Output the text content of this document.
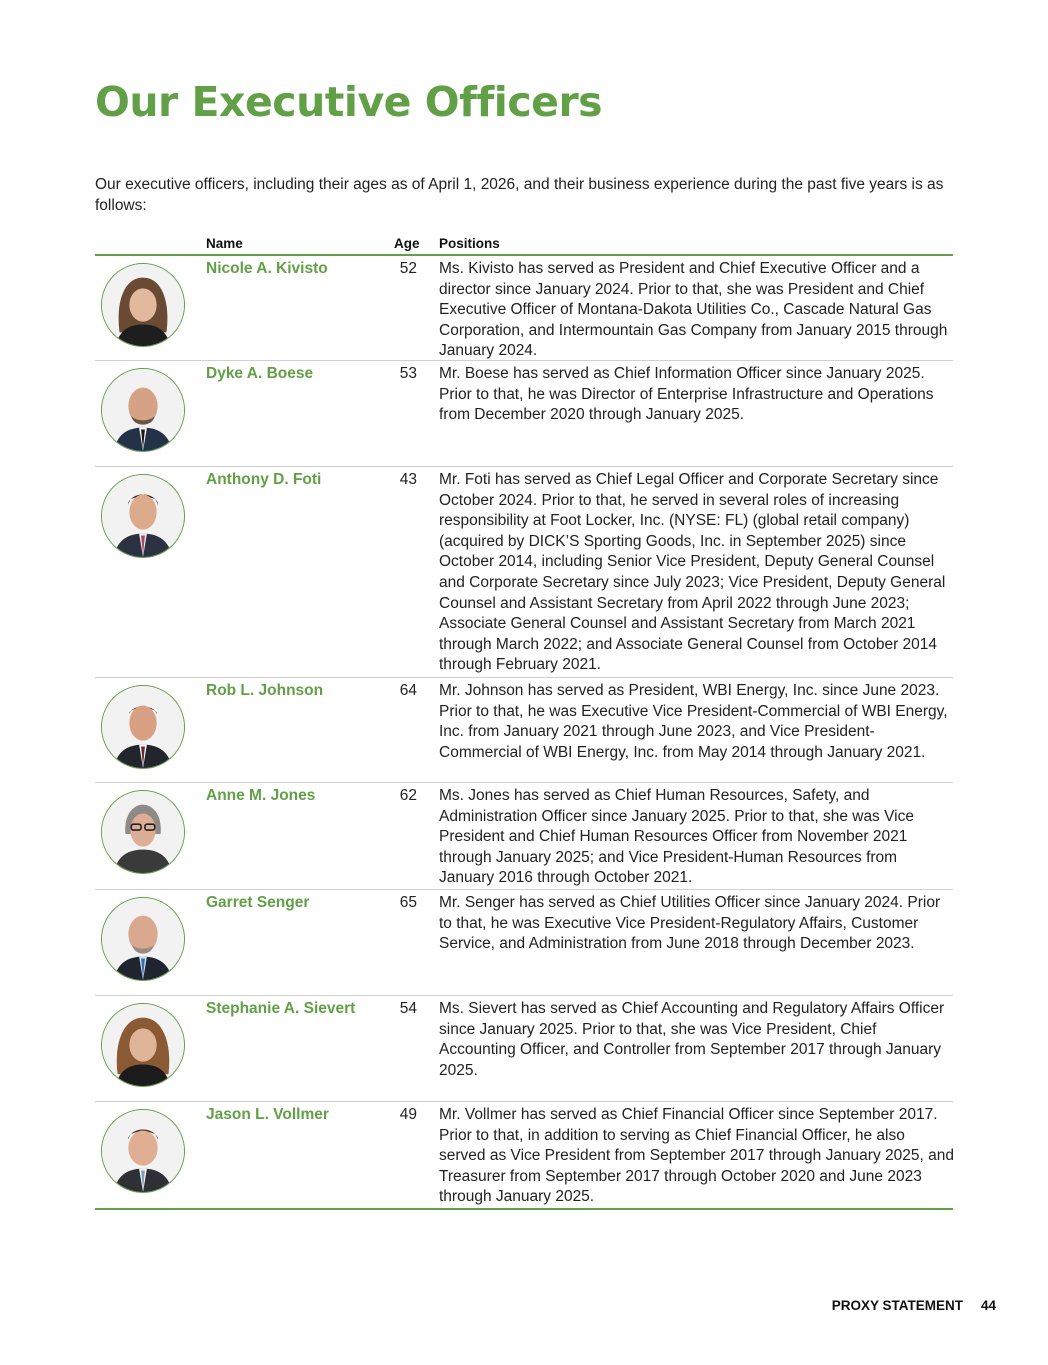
Our Executive Officers

Our executive officers, including their ages as of April 1, 2026, and their business experience during the past five years is as follows:

Name	Age Positions
Nicole A. Kivisto	52 Ms. Kivisto has served as President and Chief Executive Officer and a director since January 2024. Prior to that, she was President and Chief Executive Officer of Montana-Dakota Utilities Co., Cascade Natural Gas Corporation, and Intermountain Gas Company from January 2015 through January 2024.

Dyke A. Boese	53 Mr. Boese has served as Chief Information Officer since January 2025. Prior to that, he was Director of Enterprise Infrastructure and Operations from December 2020 through January 2025.

Anthony D. Foti	43 Mr. Foti has served as Chief Legal Officer and Corporate Secretary since October 2024. Prior to that, he served in several roles of increasing responsibility at Foot Locker, Inc. (NYSE: FL) (global retail company) (acquired by DICK’S Sporting Goods, Inc. in September 2025) since October 2014, including Senior Vice President, Deputy General Counsel and Corporate Secretary since July 2023; Vice President, Deputy General Counsel and Assistant Secretary from April 2022 through June 2023; Associate General Counsel and Assistant Secretary from March 2021 through March 2022; and Associate General Counsel from October 2014 through February 2021.

Rob L. Johnson	64 Mr. Johnson has served as President, WBI Energy, Inc. since June 2023. Prior to that, he was Executive Vice President-Commercial of WBI Energy, Inc. from January 2021 through June 2023, and Vice President-Commercial of WBI Energy, Inc. from May 2014 through January 2021.

Anne M. Jones	62 Ms. Jones has served as Chief Human Resources, Safety, and Administration Officer since January 2025. Prior to that, she was Vice President and Chief Human Resources Officer from November 2021 through January 2025; and Vice President-Human Resources from January 2016 through October 2021.

Garret Senger	65 Mr. Senger has served as Chief Utilities Officer since January 2024. Prior to that, he was Executive Vice President-Regulatory Affairs, Customer Service, and Administration from June 2018 through December 2023.

Stephanie A. Sievert	54 Ms. Sievert has served as Chief Accounting and Regulatory Affairs Officer since January 2025. Prior to that, she was Vice President, Chief Accounting Officer, and Controller from September 2017 through January 2025.

Jason L. Vollmer	49 Mr. Vollmer has served as Chief Financial Officer since September 2017. Prior to that, in addition to serving as Chief Financial Officer, he also served as Vice President from September 2017 through January 2025, and Treasurer from September 2017 through October 2020 and June 2023 through January 2025.

PROXY STATEMENT 44
